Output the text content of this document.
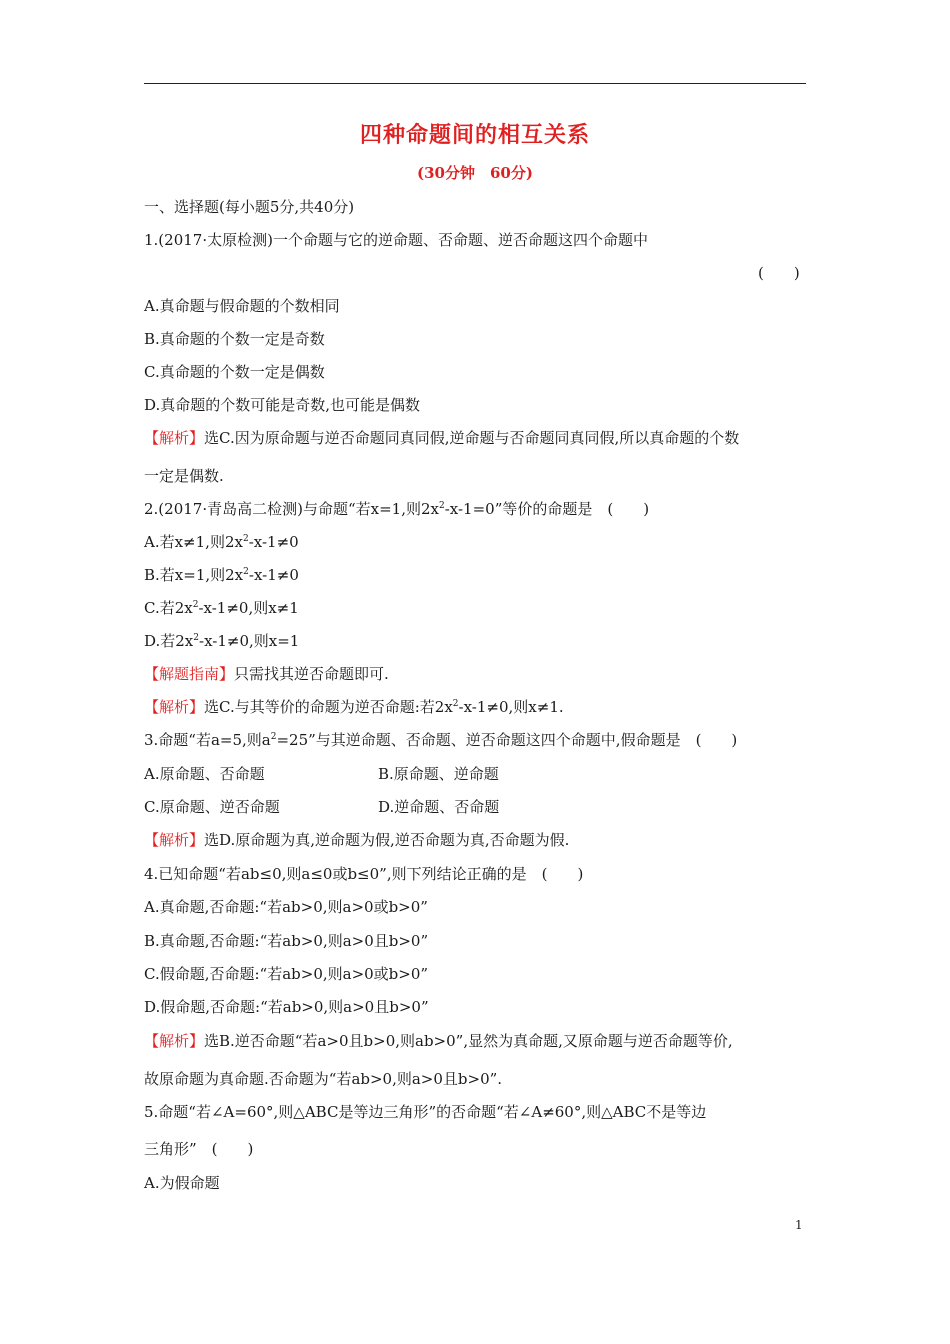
四种命题间的相互关系
(30分钟　60分)
一、选择题(每小题5分,共40分)
1.(2017·太原检测)一个命题与它的逆命题、否命题、逆否命题这四个命题中
(　　)
A.真命题与假命题的个数相同
B.真命题的个数一定是奇数
C.真命题的个数一定是偶数
D.真命题的个数可能是奇数,也可能是偶数
【解析】选C.因为原命题与逆否命题同真同假,逆命题与否命题同真同假,所以真命题的个数
一定是偶数.
2.(2017·青岛高二检测)与命题“若x=1,则$2x^2-x-1=0$”等价的命题是　(　　)
A.若x≠1,则$2x^2-x-1\ne 0$
B.若x=1,则$2x^2-x-1\ne 0$
C.若$2x^2-x-1\ne 0$,则x≠1
D.若$2x^2-x-1\ne 0$,则x=1
【解题指南】只需找其逆否命题即可.
【解析】选C.与其等价的命题为逆否命题:若$2x^2-x-1\ne 0$,则x≠1.
3.命题“若a=5,则$a^2=25$”与其逆命题、否命题、逆否命题这四个命题中,假命题是　(　　)
A.原命题、否命题	B.原命题、逆命题
C.原命题、逆否命题	D.逆命题、否命题
【解析】选D.原命题为真,逆命题为假,逆否命题为真,否命题为假.
4.已知命题“若ab≤0,则a≤0或b≤0”,则下列结论正确的是　(　　)
A.真命题,否命题:“若ab>0,则a>0或b>0”
B.真命题,否命题:“若ab>0,则a>0且b>0”
C.假命题,否命题:“若ab>0,则a>0或b>0”
D.假命题,否命题:“若ab>0,则a>0且b>0”
【解析】选B.逆否命题“若a>0且b>0,则ab>0”,显然为真命题,又原命题与逆否命题等价,
故原命题为真命题.否命题为“若ab>0,则a>0且b>0”.
5.命题“若∠A=60°,则△ABC是等边三角形”的否命题“若∠A≠60°,则△ABC不是等边
三角形”　(　　)
A.为假命题
1
